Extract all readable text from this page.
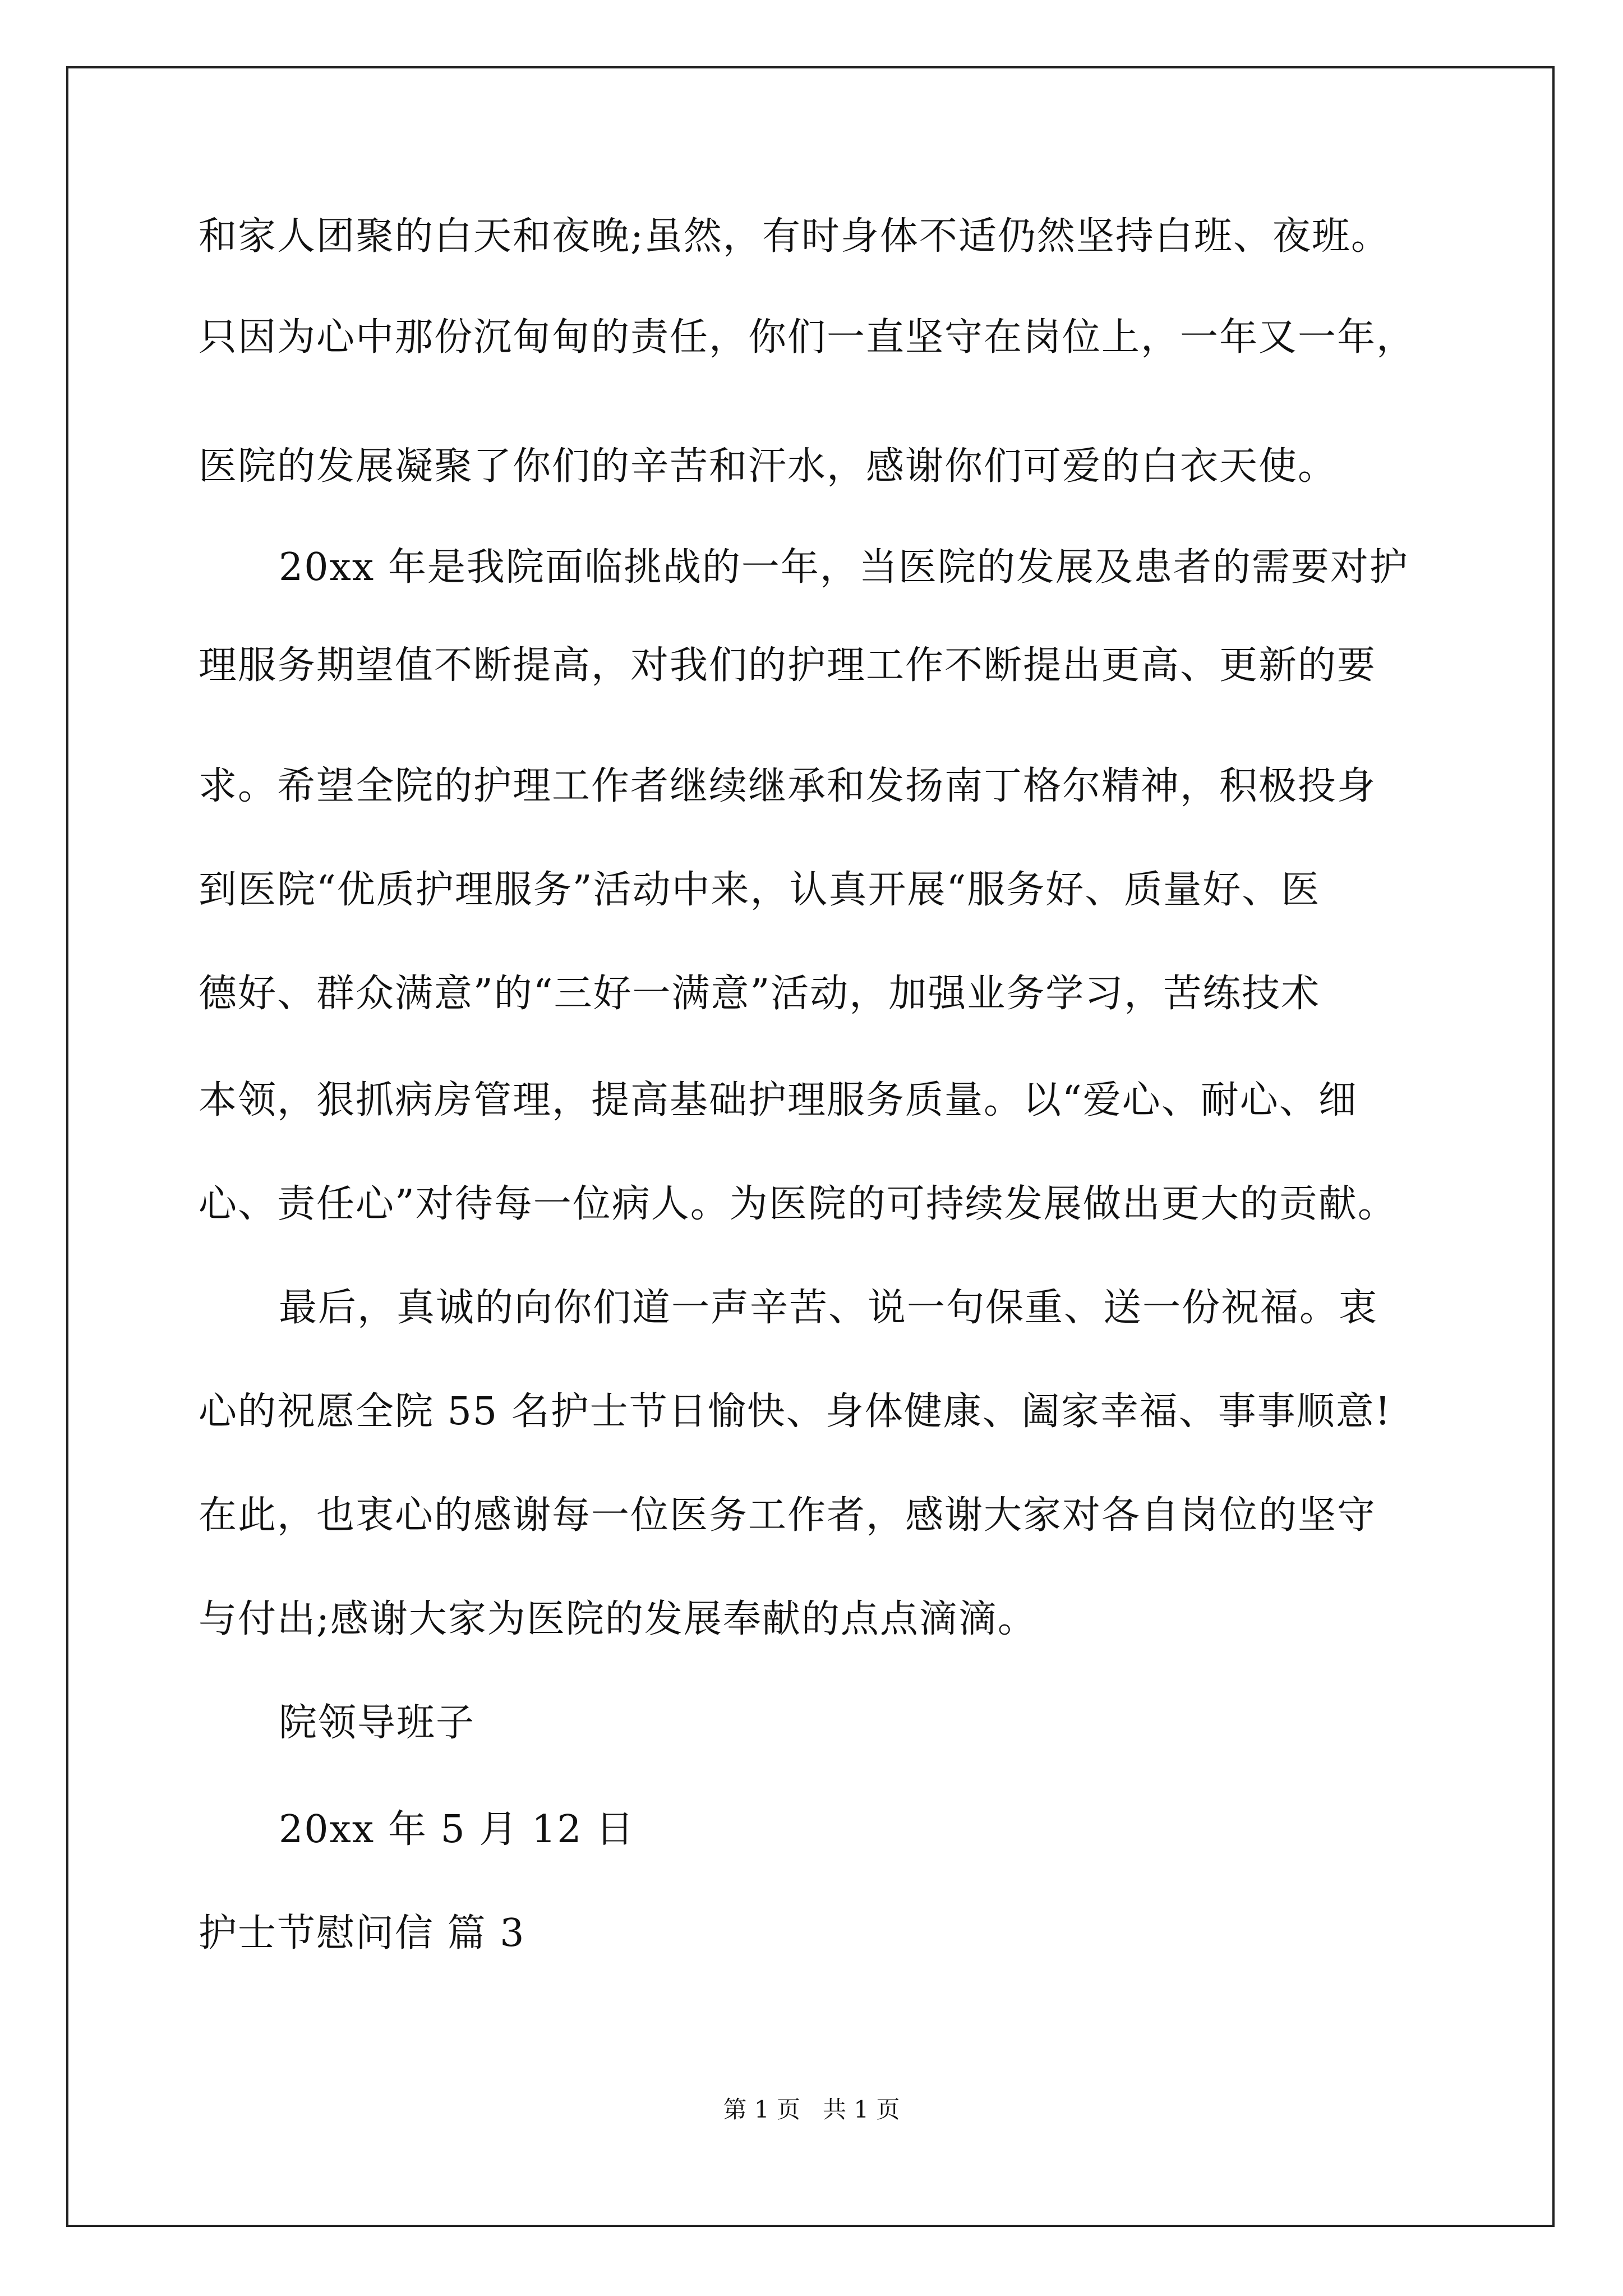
和家人团聚的白天和夜晚;虽然，有时身体不适仍然坚持白班、夜班。
只因为心中那份沉甸甸的责任，你们一直坚守在岗位上，一年又一年，
医院的发展凝聚了你们的辛苦和汗水，感谢你们可爱的白衣天使。
20xx 年是我院面临挑战的一年，当医院的发展及患者的需要对护
理服务期望值不断提高，对我们的护理工作不断提出更高、更新的要
求。希望全院的护理工作者继续继承和发扬南丁格尔精神，积极投身
到医院“优质护理服务”活动中来，认真开展“服务好、质量好、医
德好、群众满意”的“三好一满意”活动，加强业务学习，苦练技术
本领，狠抓病房管理，提高基础护理服务质量。以“爱心、耐心、细
心、责任心”对待每一位病人。为医院的可持续发展做出更大的贡献。
最后，真诚的向你们道一声辛苦、说一句保重、送一份祝福。衷
心的祝愿全院 55 名护士节日愉快、身体健康、阖家幸福、事事顺意!
在此，也衷心的感谢每一位医务工作者，感谢大家对各自岗位的坚守
与付出;感谢大家为医院的发展奉献的点点滴滴。
院领导班子
20xx 年 5 月 12 日
护士节慰问信 篇 3
第 1 页   共 1 页
